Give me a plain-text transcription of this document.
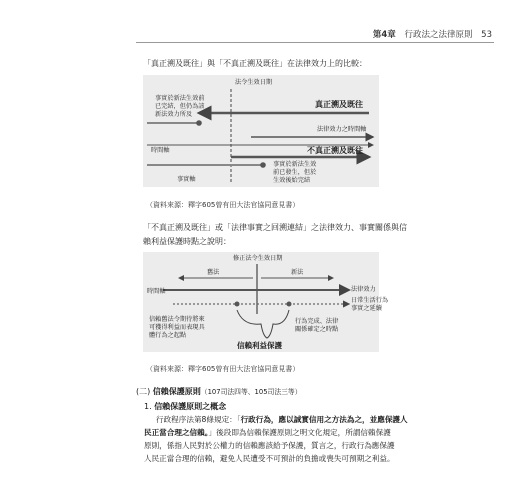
第4章 行政法之法律原則 53
「真正溯及既往」與「不真正溯及既往」在法律效力上的比較：
法令生效日期
事實於新法生效前
已完結，但仍為該
新法效力所及
真正溯及既往
法律效力之時間軸
時間軸	不真正溯及既往
事實於新法生效
前已發生，但於
生效後始完結
事實軸
（資料來源：釋字605曾有田大法官協同意見書）
「不真正溯及既往」或「法律事實之回溯連結」之法律效力、事實關係與信
賴利益保護時點之說明：
修正法令生效日期
舊法	新法
法律效力
時間軸
日常生活行為
事實之延續
信賴舊法令期待將來
可獲得利益而表現具
體行為之起點
行為完成、法律
關係確定之時點
信賴利益保護
（資料來源：釋字605曾有田大法官協同意見書）
(二) 信賴保護原則（107司法四等、105司法三等）
1. 信賴保護原則之概念
行政程序法第8條規定：「行政行為，應以誠實信用之方法為之，並應保護人
民正當合理之信賴。」後段即為信賴保護原則之明文化規定，所謂信賴保護
原則，係指人民對於公權力的信賴應該給予保護，質言之，行政行為應保護
人民正當合理的信賴，避免人民遭受不可預計的負擔或喪失可預期之利益。
